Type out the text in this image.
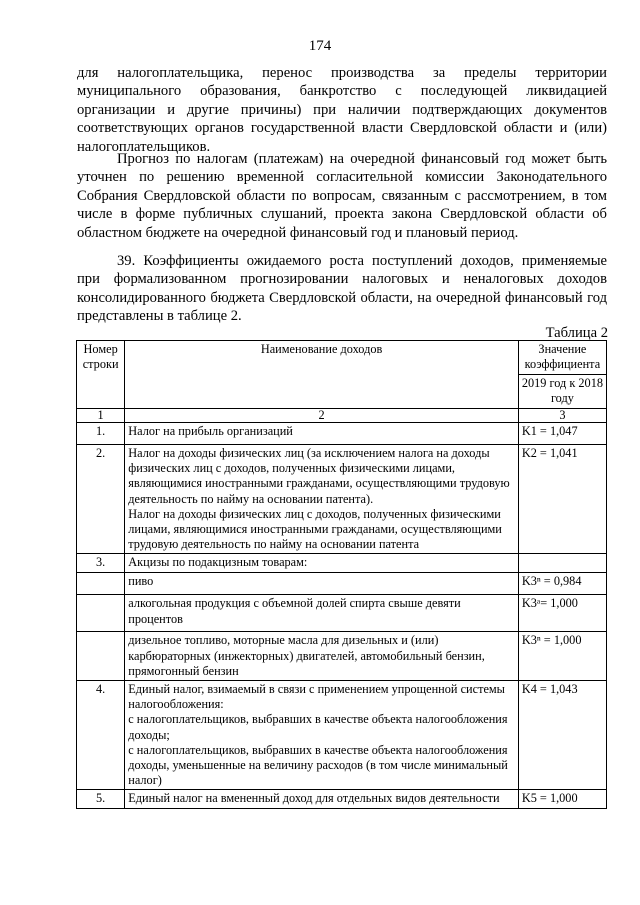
174
для налогоплательщика, перенос производства за пределы территории муниципального образования, банкротство с последующей ликвидацией организации и другие причины) при наличии подтверждающих документов соответствующих органов государственной власти Свердловской области и (или) налогоплательщиков.
Прогноз по налогам (платежам) на очередной финансовый год может быть уточнен по решению временной согласительной комиссии Законодательного Собрания Свердловской области по вопросам, связанным с рассмотрением, в том числе в форме публичных слушаний, проекта закона Свердловской области об областном бюджете на очередной финансовый год и плановый период.
39. Коэффициенты ожидаемого роста поступлений доходов, применяемые при формализованном прогнозировании налоговых и неналоговых доходов консолидированного бюджета Свердловской области, на очередной финансовый год представлены в таблице 2.
Таблица 2
Номер строки	Наименование доходов	Значение коэффициента
		2019 год к 2018 году
1	2	3
1.	Налог на прибыль организаций	K1 = 1,047
2.	Налог на доходы физических лиц (за исключением налога на доходы физических лиц с доходов, полученных физическими лицами, являющимися иностранными гражданами, осуществляющими трудовую деятельность по найму на основании патента).
Налог на доходы физических лиц с доходов, полученных физическими лицами, являющимися иностранными гражданами, осуществляющими трудовую деятельность по найму на основании патента	K2 = 1,041
3.	Акцизы по подакцизным товарам:	
	пиво	K3ⁿ = 0,984
	алкогольная продукция с объемной долей спирта свыше девяти процентов	K3ᵃ= 1,000
	дизельное топливо, моторные масла для дизельных и (или) карбюраторных (инжекторных) двигателей, автомобильный бензин, прямогонный бензин	K3ⁿ = 1,000
4.	Единый налог, взимаемый в связи с применением упрощенной системы налогообложения:
с налогоплательщиков, выбравших в качестве объекта налогообложения доходы;
с налогоплательщиков, выбравших в качестве объекта налогообложения доходы, уменьшенные на величину расходов (в том числе минимальный налог)	K4 = 1,043
5.	Единый налог на вмененный доход для отдельных видов деятельности	K5 = 1,000
